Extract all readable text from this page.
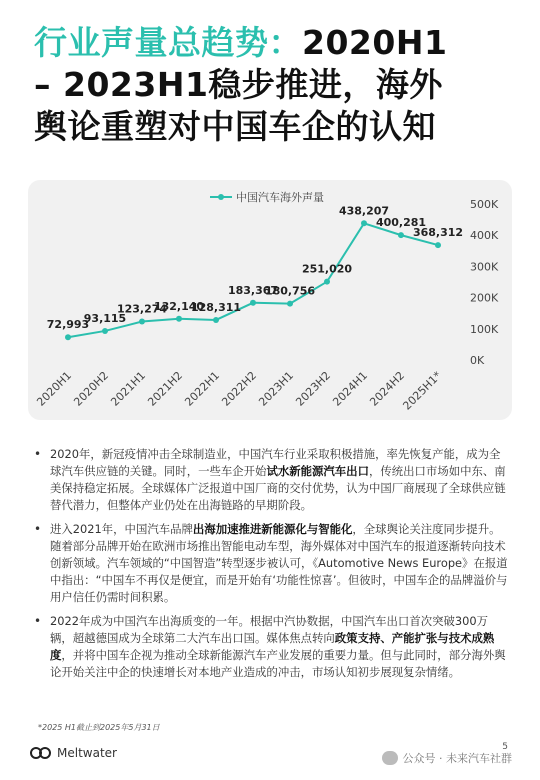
行业声量总趋势：2020H1
– 2023H1稳步推进，海外
舆论重塑对中国车企的认知
中国汽车海外声量
0K
100K
200K
300K
400K
500K
72,993
93,115
123,274
132,140
128,311
183,367
180,756
251,020
438,207
400,281
368,312
2020H1
2020H2
2021H1
2021H2
2022H1
2022H2
2023H1
2023H2
2024H1
2024H2
2025H1*
• 2020年，新冠疫情冲击全球制造业，中国汽车行业采取积极措施，率先恢复产能，成为全球汽车供应链的关键。同时，一些车企开始试水新能源汽车出口，传统出口市场如中东、南美保持稳定拓展。全球媒体广泛报道中国厂商的交付优势，认为中国厂商展现了全球供应链替代潜力，但整体产业仍处在出海链路的早期阶段。
• 进入2021年，中国汽车品牌出海加速推进新能源化与智能化，全球舆论关注度同步提升。随着部分品牌开始在欧洲市场推出智能电动车型，海外媒体对中国汽车的报道逐渐转向技术创新领域。汽车领域的“中国智造”转型逐步被认可，《Automotive News Europe》在报道中指出：“中国车不再仅是便宜，而是开始有‘功能性惊喜’。但彼时，中国车企的品牌溢价与用户信任仍需时间积累。
• 2022年成为中国汽车出海质变的一年。根据中汽协数据，中国汽车出口首次突破300万辆，超越德国成为全球第二大汽车出口国。媒体焦点转向政策支持、产能扩张与技术成熟度，并将中国车企视为推动全球新能源汽车产业发展的重要力量。但与此同时，部分海外舆论开始关注中企的快速增长对本地产业造成的冲击，市场认知初步展现复杂情绪。
*2025 H1截止到2025年5月31日
Meltwater	5
公众号 · 未来汽车社群
